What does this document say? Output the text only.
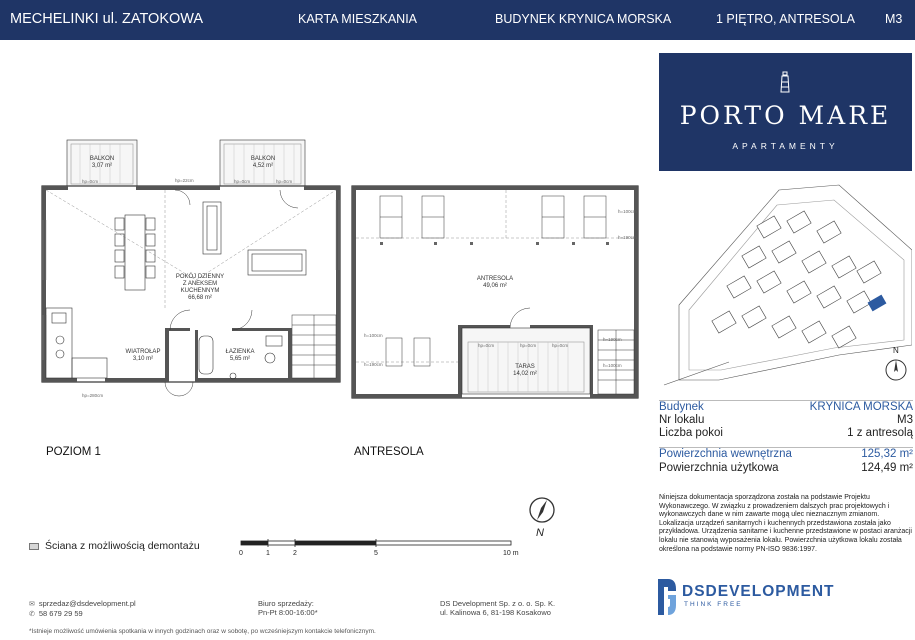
MECHELINKI ul. ZATOKOWA	KARTA MIESZKANIA	BUDYNEK KRYNICA MORSKA	1 PIĘTRO, ANTRESOLA M3
BALKON
3,07 m²
BALKON
4,52 m²
POKÓJ DZIENNY
Z ANEKSEM
KUCHENNYM
66,68 m²
WIATROŁAP
3,10 m²
ŁAZIENKA
5,65 m²
ANTRESOLA
49,06 m²
TARAS
14,02 m²
hp=22cm
hp=0cm	hp=0cm	hp=0cm
hp=280cm
hp=0cm	hp=0cm	hp=0cm
h=100cm
h=190cm
h=100cm
h=190cm
h=190cm
h=100cm
POZIOM 1	ANTRESOLA
PORTO MARE
APARTAMENTY
N
Budynek	KRYNICA MORSKA
Nr lokalu	M3
Liczba pokoi	1 z antresolą
Powierzchnia wewnętrzna	125,32 m²
Powierzchnia użytkowa	124,49 m²
Niniejsza dokumentacja sporządzona została na podstawie Projektu Wykonawczego. W związku z prowadzeniem dalszych prac projektowych i wykonawczych dane w nim zawarte mogą ulec nieznacznym zmianom. Lokalizacja urządzeń sanitarnych i kuchennych przedstawiona została jako przykładowa. Urządzenia sanitarne i kuchenne przedstawione w postaci aranżacji lokalu nie stanowią wyposażenia lokalu. Powierzchnia użytkowa lokalu została określona na podstawie normy PN-ISO 9836:1997.
Ściana z możliwością demontażu
N
0	1	2	5	10 m
✉ sprzedaz@dsdevelopment.pl
✆ 58 679 29 59
Biuro sprzedaży:
Pn-Pt 8:00-16:00*
DS Development Sp. z o. o. Sp. K.
ul. Kalinowa 6, 81-198 Kosakowo
DSDEVELOPMENT
THINK FREE
*Istnieje możliwość umówienia spotkania w innych godzinach oraz w sobotę, po wcześniejszym kontakcie telefonicznym.
